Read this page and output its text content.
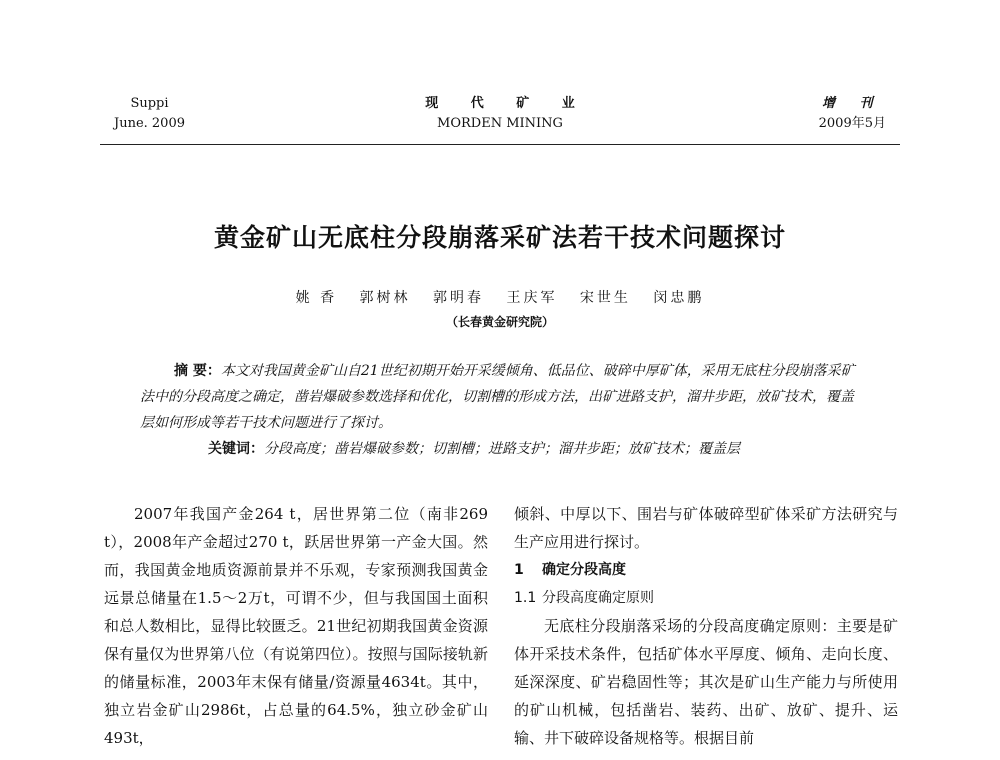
Suppi
June. 2009
现 代 矿 业
MORDEN MINING
增 刊
2009年5月
黄金矿山无底柱分段崩落采矿法若干技术问题探讨
姚 香 郭树林 郭明春 王庆军 宋世生 闵忠鹏
（长春黄金研究院）

摘 要：本文对我国黄金矿山自21世纪初期开始开采缓倾角、低品位、破碎中厚矿体，采用无底柱分段崩落采矿法中的分段高度之确定，凿岩爆破参数选择和优化，切割槽的形成方法，出矿进路支护，溜井步距，放矿技术，覆盖层如何形成等若干技术问题进行了探讨。

关键词：分段高度；凿岩爆破参数；切割槽；进路支护；溜井步距；放矿技术；覆盖层

2007年我国产金264 t，居世界第二位（南非269 t），2008年产金超过270 t，跃居世界第一产金大国。然而，我国黄金地质资源前景并不乐观，专家预测我国黄金远景总储量在1.5～2万t，可谓不少，但与我国国土面积和总人数相比，显得比较匮乏。21世纪初期我国黄金资源保有量仅为世界第八位（有说第四位）。按照与国际接轨新的储量标准，2003年末保有储量/资源量4634t。其中，独立岩金矿山2986t，占总量的64.5%，独立砂金矿山493t，

倾斜、中厚以下、围岩与矿体破碎型矿体采矿方法研究与生产应用进行探讨。

1 确定分段高度

1.1 分段高度确定原则

无底柱分段崩落采场的分段高度确定原则：主要是矿体开采技术条件，包括矿体水平厚度、倾角、走向长度、延深深度、矿岩稳固性等；其次是矿山生产能力与所使用的矿山机械，包括凿岩、装药、出矿、放矿、提升、运输、井下破碎设备规格等。根据目前
